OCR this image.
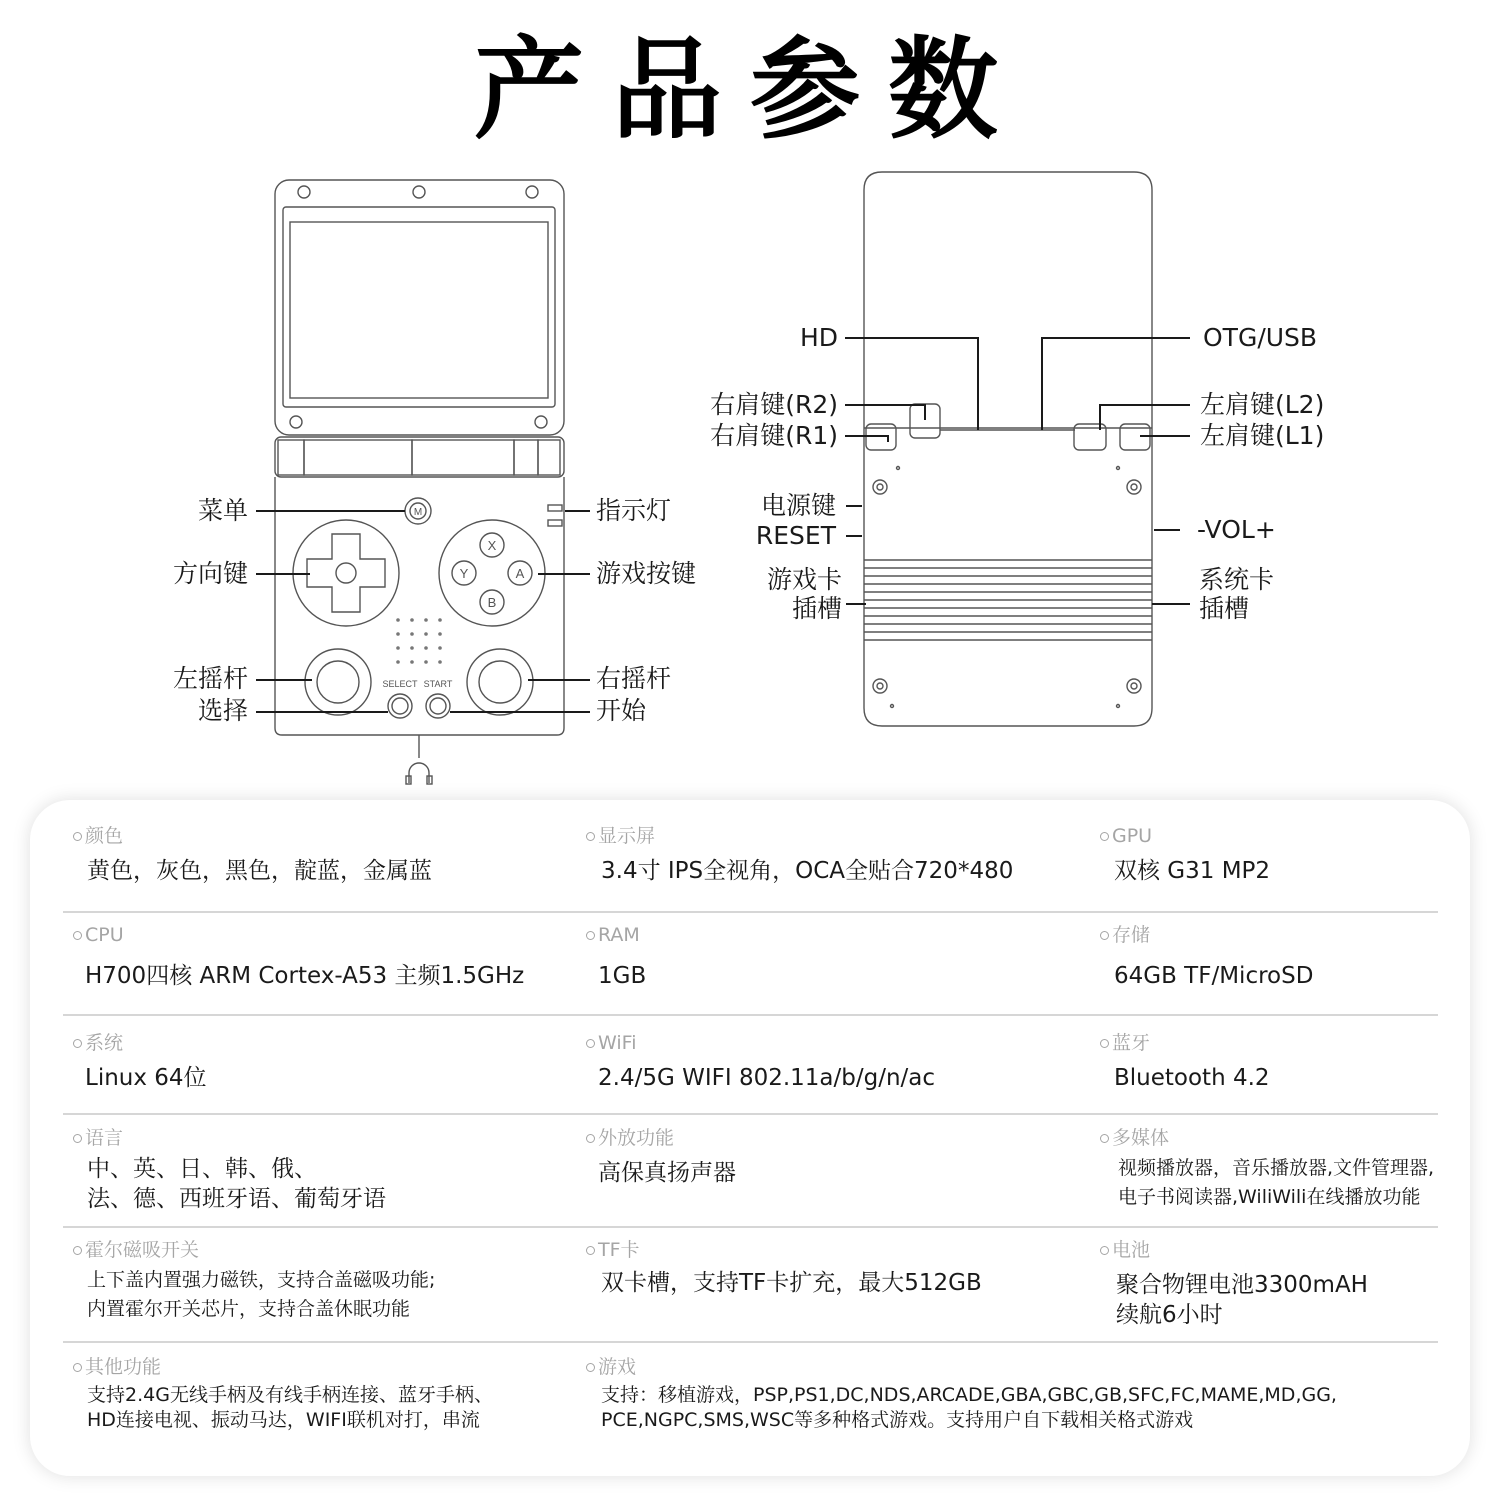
产品参数
M
X
Y	A
B
SELECT START
菜单
方向键
左摇杆
选择
指示灯
游戏按键
右摇杆
开始
HD	OTG/USB
右肩键(R2)
右肩键(R1)
左肩键(L2)
左肩键(L1)
电源键
RESET	-VOL+
游戏卡
插槽
系统卡
插槽
颜色
黄色，灰色，黑色，靛蓝，金属蓝
显示屏
3.4寸 IPS全视角，OCA全贴合720*480
GPU
双核 G31 MP2
CPU
H700四核 ARM Cortex-A53 主频1.5GHz
RAM
1GB
存储
64GB TF/MicroSD
系统
Linux 64位
WiFi
2.4/5G WIFI 802.11a/b/g/n/ac
蓝牙
Bluetooth 4.2
语言
中、英、日、韩、俄、
法、德、西班牙语、葡萄牙语
外放功能
高保真扬声器
多媒体
视频播放器，音乐播放器,文件管理器,
电子书阅读器,WiliWili在线播放功能
霍尔磁吸开关
上下盖内置强力磁铁，支持合盖磁吸功能;
内置霍尔开关芯片，支持合盖休眠功能
TF卡
双卡槽，支持TF卡扩充，最大512GB
电池
聚合物锂电池3300mAH
续航6小时
其他功能
支持2.4G无线手柄及有线手柄连接、蓝牙手柄、
HD连接电视、振动马达，WIFI联机对打，串流
游戏
支持：移植游戏，PSP,PS1,DC,NDS,ARCADE,GBA,GBC,GB,SFC,FC,MAME,MD,GG,
PCE,NGPC,SMS,WSC等多种格式游戏。支持用户自下载相关格式游戏
